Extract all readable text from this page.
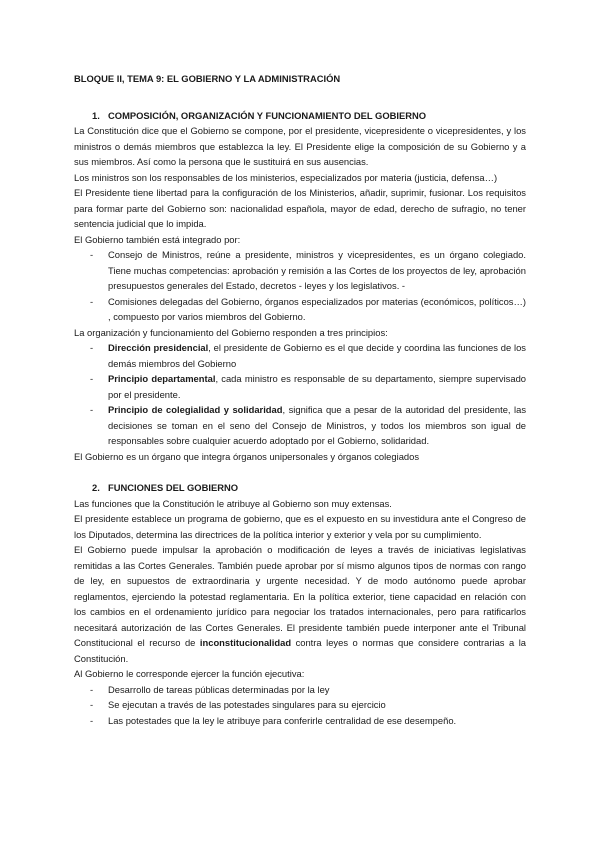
BLOQUE II, TEMA 9: EL GOBIERNO Y LA ADMINISTRACIÓN
1. COMPOSICIÓN, ORGANIZACIÓN Y FUNCIONAMIENTO DEL GOBIERNO

La Constitución dice que el Gobierno se compone, por el presidente, vicepresidente o vicepresidentes, y los ministros o demás miembros que establezca la ley. El Presidente elige la composición de su Gobierno y a sus miembros. Así como la persona que le sustituirá en sus ausencias.

Los ministros son los responsables de los ministerios, especializados por materia (justicia, defensa…)

El Presidente tiene libertad para la configuración de los Ministerios, añadir, suprimir, fusionar. Los requisitos para formar parte del Gobierno son: nacionalidad española, mayor de edad, derecho de sufragio, no tener sentencia judicial que lo impida.

El Gobierno también está integrado por:

- Consejo de Ministros, reúne a presidente, ministros y vicepresidentes, es un órgano colegiado. Tiene muchas competencias: aprobación y remisión a las Cortes de los proyectos de ley, aprobación presupuestos generales del Estado, decretos - leyes y los legislativos. -
- Comisiones delegadas del Gobierno, órganos especializados por materias (económicos, políticos…) , compuesto por varios miembros del Gobierno.

La organización y funcionamiento del Gobierno responden a tres principios:

- Dirección presidencial, el presidente de Gobierno es el que decide y coordina las funciones de los demás miembros del Gobierno
- Principio departamental, cada ministro es responsable de su departamento, siempre supervisado por el presidente.
- Principio de colegialidad y solidaridad, significa que a pesar de la autoridad del presidente, las decisiones se toman en el seno del Consejo de Ministros, y todos los miembros son igual de responsables sobre cualquier acuerdo adoptado por el Gobierno, solidaridad.

El Gobierno es un órgano que integra órganos unipersonales y órganos colegiados

2. FUNCIONES DEL GOBIERNO

Las funciones que la Constitución le atribuye al Gobierno son muy extensas.

El presidente establece un programa de gobierno, que es el expuesto en su investidura ante el Congreso de los Diputados, determina las directrices de la política interior y exterior y vela por su cumplimiento.

El Gobierno puede impulsar la aprobación o modificación de leyes a través de iniciativas legislativas remitidas a las Cortes Generales. También puede aprobar por sí mismo algunos tipos de normas con rango de ley, en supuestos de extraordinaria y urgente necesidad. Y de modo autónomo puede aprobar reglamentos, ejerciendo la potestad reglamentaria. En la política exterior, tiene capacidad en relación con los cambios en el ordenamiento jurídico para negociar los tratados internacionales, pero para ratificarlos necesitará autorización de las Cortes Generales. El presidente también puede interponer ante el Tribunal Constitucional el recurso de inconstitucionalidad contra leyes o normas que considere contrarias a la Constitución.

Al Gobierno le corresponde ejercer la función ejecutiva:

- Desarrollo de tareas públicas determinadas por la ley
- Se ejecutan a través de las potestades singulares para su ejercicio
- Las potestades que la ley le atribuye para conferirle centralidad de ese desempeño.
